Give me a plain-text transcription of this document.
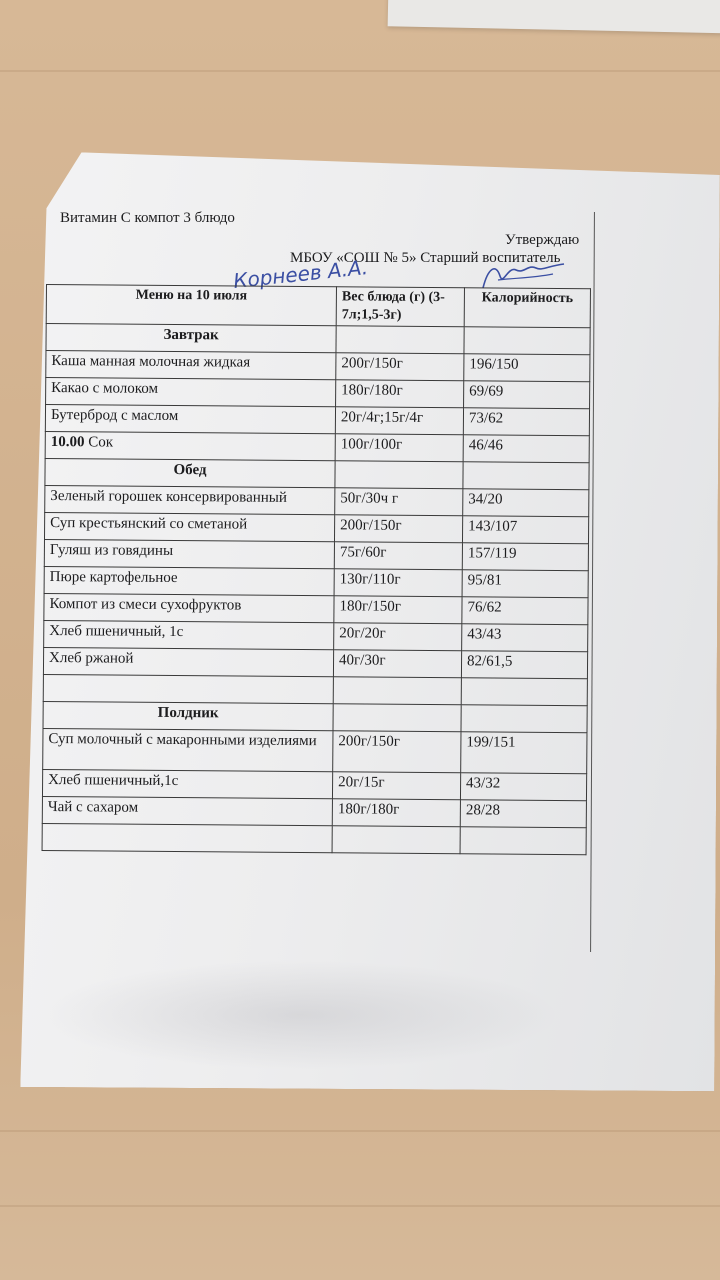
Витамин С компот 3 блюдо
Утверждаю
МБОУ «СОШ № 5» Старший воспитатель
Корнеев А.А.
Меню на 10 июля	Вес блюда (г) (3-7л;1,5-3г)	Калорийность
Завтрак		
Каша манная молочная жидкая	200г/150г	196/150
Какао с молоком	180г/180г	69/69
Бутерброд с маслом	20г/4г;15г/4г	73/62
10.00 Сок	100г/100г	46/46
Обед		
Зеленый горошек консервированный	50г/30ч г	34/20
Суп крестьянский со сметаной	200г/150г	143/107
Гуляш из говядины	75г/60г	157/119
Пюре картофельное	130г/110г	95/81
Компот из смеси сухофруктов	180г/150г	76/62
Хлеб пшеничный, 1с	20г/20г	43/43
Хлеб ржаной	40г/30г	82/61,5

Полдник		
Суп молочный с макаронными изделиями	200г/150г	199/151
Хлеб пшеничный,1с	20г/15г	43/32
Чай с сахаром	180г/180г	28/28
